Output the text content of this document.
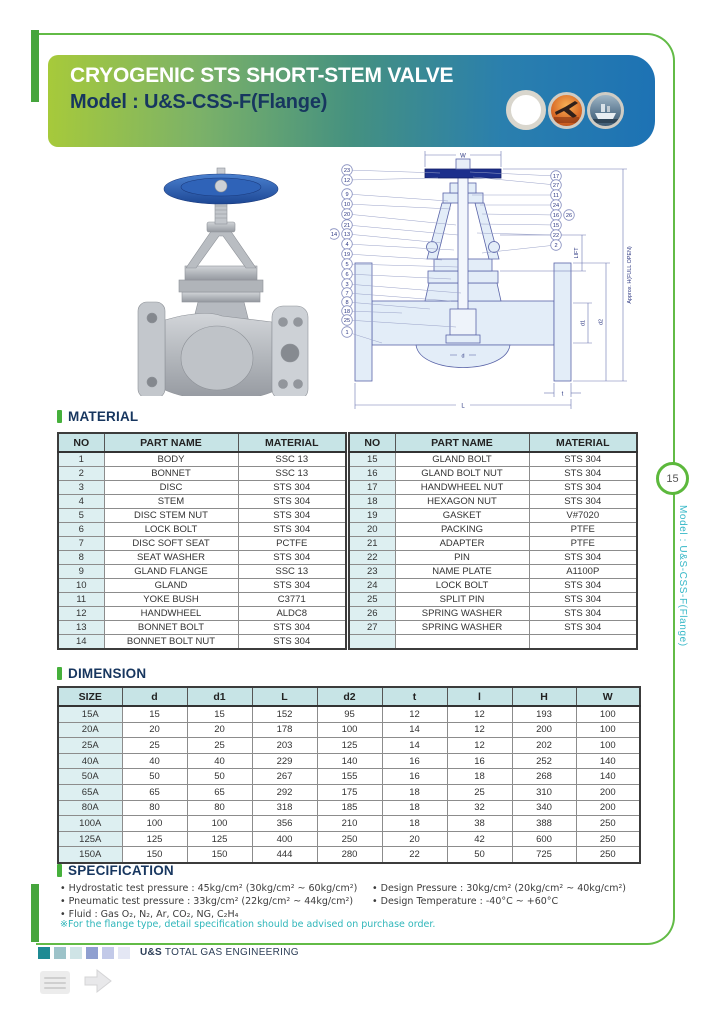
CRYOGENIC STS SHORT-STEM VALVE
Model : U&S-CSS-F(Flange)
W
Approx. H(FULL OPEN)
LIFT
d1 d2
t
L
d
23
12
9
10
20
21
14 13
4
19
5
6
3
7
8
18
25
1
17
27
11
24
16 26
15
22
2
MATERIAL
NO	PART NAME	MATERIAL
1	BODY	SSC 13
2	BONNET	SSC 13
3	DISC	STS 304
4	STEM	STS 304
5	DISC STEM NUT	STS 304
6	LOCK BOLT	STS 304
7	DISC SOFT SEAT	PCTFE
8	SEAT WASHER	STS 304
9	GLAND FLANGE	SSC 13
10	GLAND	STS 304
11	YOKE BUSH	C3771
12	HANDWHEEL	ALDC8
13	BONNET BOLT	STS 304
14	BONNET BOLT NUT	STS 304
NO	PART NAME	MATERIAL
15	GLAND BOLT	STS 304
16	GLAND BOLT NUT	STS 304
17	HANDWHEEL NUT	STS 304
18	HEXAGON NUT	STS 304
19	GASKET	V#7020
20	PACKING	PTFE
21	ADAPTER	PTFE
22	PIN	STS 304
23	NAME PLATE	A1100P
24	LOCK BOLT	STS 304
25	SPLIT PIN	STS 304
26	SPRING WASHER	STS 304
27	SPRING WASHER	STS 304

DIMENSION
SIZE	d	d1	L	d2	t	l	H	W
15A	15	15	152	95	12	12	193	100
20A	20	20	178	100	14	12	200	100
25A	25	25	203	125	14	12	202	100
40A	40	40	229	140	16	16	252	140
50A	50	50	267	155	16	18	268	140
65A	65	65	292	175	18	25	310	200
80A	80	80	318	185	18	32	340	200
100A	100	100	356	210	18	38	388	250
125A	125	125	400	250	20	42	600	250
150A	150	150	444	280	22	50	725	250
SPECIFICATION
• Hydrostatic test pressure : 45kg/cm² (30kg/cm² ~ 60kg/cm²)
• Pneumatic test pressure : 33kg/cm² (22kg/cm² ~ 44kg/cm²)
• Fluid : Gas O₂, N₂, Ar, CO₂, NG, C₂H₄
• Design Pressure : 30kg/cm² (20kg/cm² ~ 40kg/cm²)
• Design Temperature : -40°C ~ +60°C
※For the flange type, detail specification should be advised on purchase order.
15
Model : U&S-CSS-F(Flange)
U&S TOTAL GAS ENGINEERING
